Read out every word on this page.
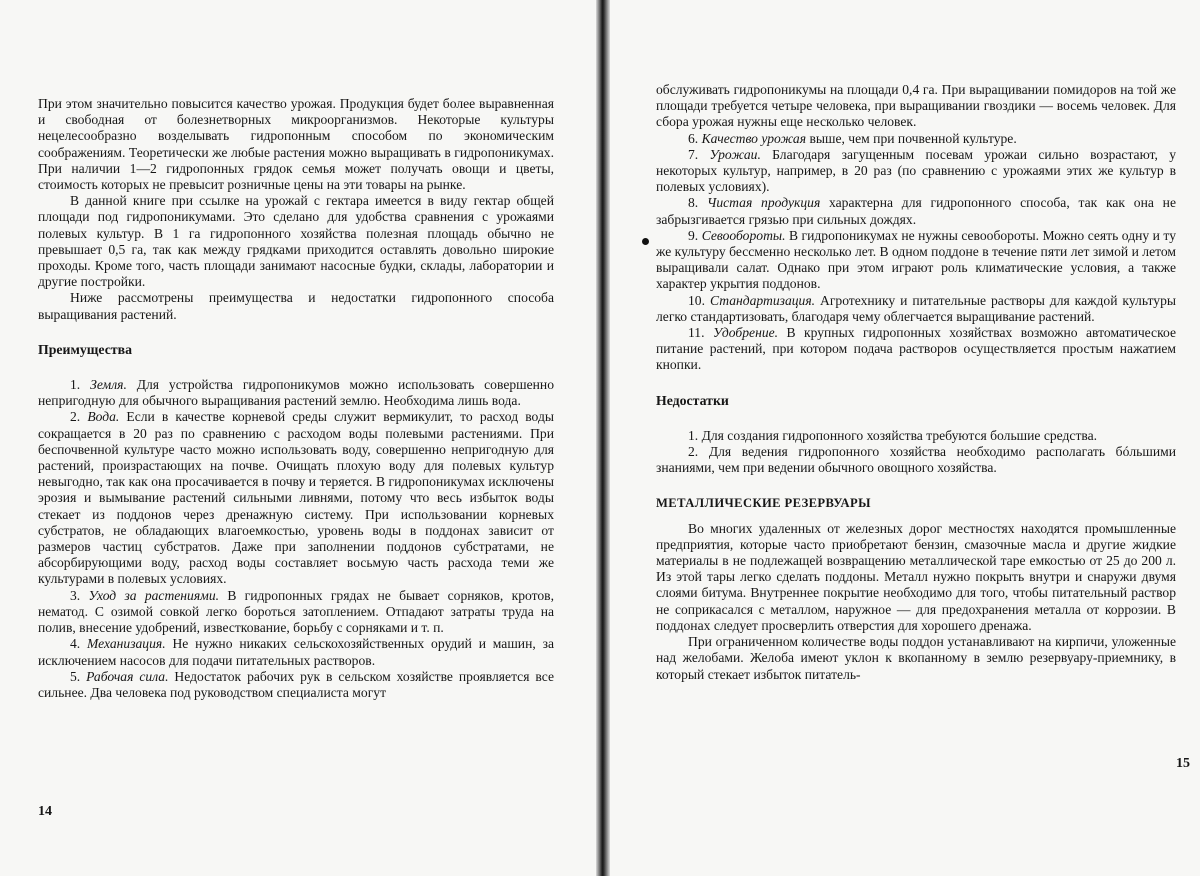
При этом значительно повысится качество урожая. Продукция будет более выравненная и свободная от болезнетворных микроорганизмов. Некоторые культуры нецелесообразно возделывать гидропонным способом по экономическим соображениям. Теоретически же любые растения можно выращивать в гидропоникумах. При наличии 1—2 гидропонных грядок семья может получать овощи и цветы, стоимость которых не превысит розничные цены на эти товары на рынке.

В данной книге при ссылке на урожай с гектара имеется в виду гектар общей площади под гидропоникумами. Это сделано для удобства сравнения с урожаями полевых культур. В 1 га гидропонного хозяйства полезная площадь обычно не превышает 0,5 га, так как между грядками приходится оставлять довольно широкие проходы. Кроме того, часть площади занимают насосные будки, склады, лаборатории и другие постройки.

Ниже рассмотрены преимущества и недостатки гидропонного способа выращивания растений.

Преимущества

1. Земля. Для устройства гидропоникумов можно использовать совершенно непригодную для обычного выращивания растений землю. Необходима лишь вода.

2. Вода. Если в качестве корневой среды служит вермикулит, то расход воды сокращается в 20 раз по сравнению с расходом воды полевыми растениями. При беспочвенной культуре часто можно использовать воду, совершенно непригодную для растений, произрастающих на почве. Очищать плохую воду для полевых культур невыгодно, так как она просачивается в почву и теряется. В гидропоникумах исключены эрозия и вымывание растений сильными ливнями, потому что весь избыток воды стекает из поддонов через дренажную систему. При использовании корневых субстратов, не обладающих влагоемкостью, уровень воды в поддонах зависит от размеров частиц субстратов. Даже при заполнении поддонов субстратами, не абсорбирующими воду, расход воды составляет восьмую часть расхода теми же культурами в полевых условиях.

3. Уход за растениями. В гидропонных грядах не бывает сорняков, кротов, нематод. С озимой совкой легко бороться затоплением. Отпадают затраты труда на полив, внесение удобрений, известкование, борьбу с сорняками и т. п.

4. Механизация. Не нужно никаких сельскохозяйственных орудий и машин, за исключением насосов для подачи питательных растворов.

5. Рабочая сила. Недостаток рабочих рук в сельском хозяйстве проявляется все сильнее. Два человека под руководством специалиста могут

14

обслуживать гидропоникумы на площади 0,4 га. При выращивании помидоров на той же площади требуется четыре человека, при выращивании гвоздики — восемь человек. Для сбора урожая нужны еще несколько человек.

6. Качество урожая выше, чем при почвенной культуре.

7. Урожаи. Благодаря загущенным посевам урожаи сильно возрастают, у некоторых культур, например, в 20 раз (по сравнению с урожаями этих же культур в полевых условиях).

8. Чистая продукция характерна для гидропонного способа, так как она не забрызгивается грязью при сильных дождях.

9. Севообороты. В гидропоникумах не нужны севообороты. Можно сеять одну и ту же культуру бессменно несколько лет. В одном поддоне в течение пяти лет зимой и летом выращивали салат. Однако при этом играют роль климатические условия, а также характер укрытия поддонов.

10. Стандартизация. Агротехнику и питательные растворы для каждой культуры легко стандартизовать, благодаря чему облегчается выращивание растений.

11. Удобрение. В крупных гидропонных хозяйствах возможно автоматическое питание растений, при котором подача растворов осуществляется простым нажатием кнопки.

Недостатки

1. Для создания гидропонного хозяйства требуются большие средства.

2. Для ведения гидропонного хозяйства необходимо располагать бóльшими знаниями, чем при ведении обычного овощного хозяйства.

МЕТАЛЛИЧЕСКИЕ РЕЗЕРВУАРЫ

Во многих удаленных от железных дорог местностях находятся промышленные предприятия, которые часто приобретают бензин, смазочные масла и другие жидкие материалы в не подлежащей возвращению металлической таре емкостью от 25 до 200 л. Из этой тары легко сделать поддоны. Металл нужно покрыть внутри и снаружи двумя слоями битума. Внутреннее покрытие необходимо для того, чтобы питательный раствор не соприкасался с металлом, наружное — для предохранения металла от коррозии. В поддонах следует просверлить отверстия для хорошего дренажа.

При ограниченном количестве воды поддон устанавливают на кирпичи, уложенные над желобами. Желоба имеют уклон к вкопанному в землю резервуару-приемнику, в который стекает избыток питатель-

15
